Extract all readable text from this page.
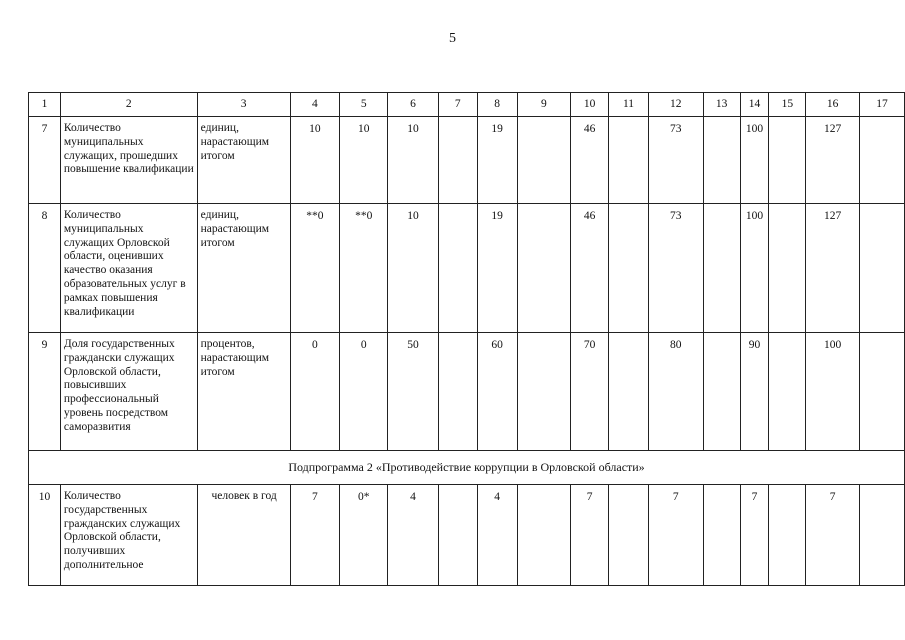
5
1	2	3	4	5	6	7	8	9	10	11	12	13	14	15	16	17
7	Количество муниципальных служащих, прошедших повышение квалификации	единиц, нарастающим итогом	10	10	10		19		46		73		100		127	
8	Количество муниципальных служащих Орловской области, оценивших качество оказания образовательных услуг в рамках повышения квалификации	единиц, нарастающим итогом	**0	**0	10		19		46		73		100		127	
9	Доля государственных граждански служащих Орловской области, повысивших профессиональный уровень посредством саморазвития	процентов, нарастающим итогом	0	0	50		60		70		80		90		100	
Подпрограмма 2 «Противодействие коррупции в Орловской области»																
10	Количество государственных гражданских служащих Орловской области, получивших дополнительное	человек в год	7	0*	4		4		7		7		7		7	
